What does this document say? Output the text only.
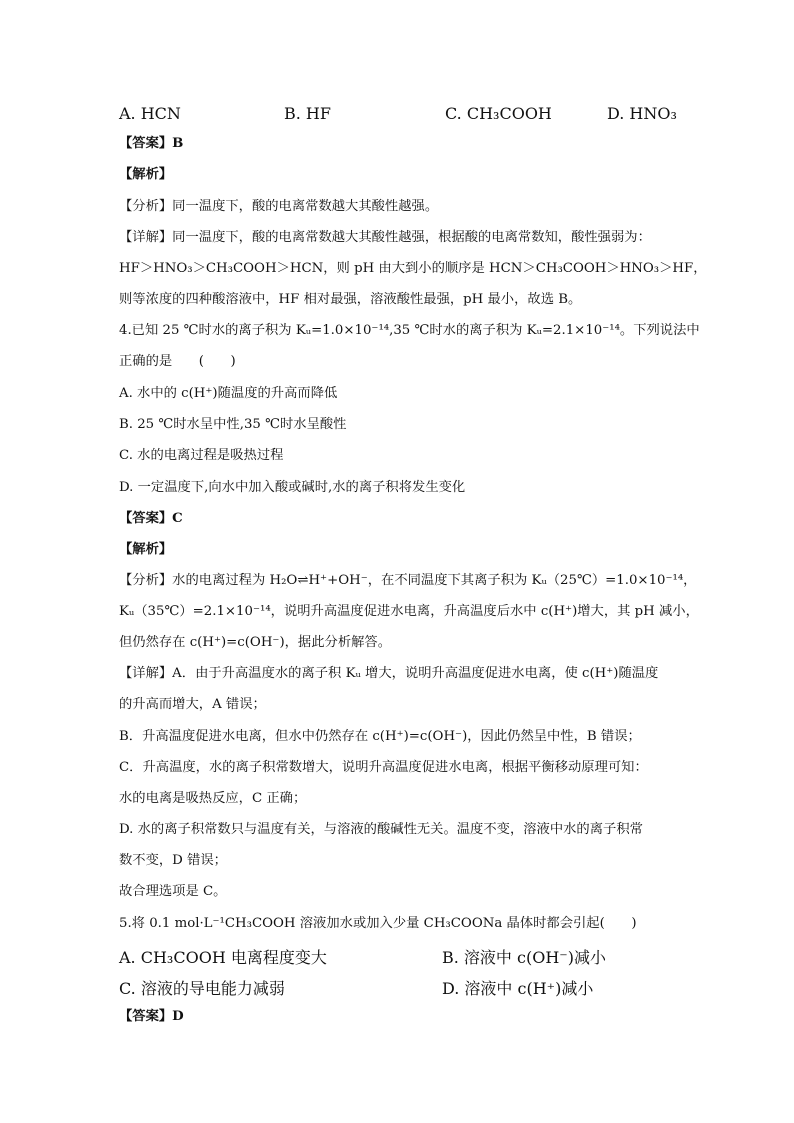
A. HCN	B. HF	C. CH₃COOH	D. HNO₃
【答案】B
【解析】
【分析】同一温度下，酸的电离常数越大其酸性越强。
【详解】同一温度下，酸的电离常数越大其酸性越强，根据酸的电离常数知，酸性强弱为：
HF＞HNO₃＞CH₃COOH＞HCN，则 pH 由大到小的顺序是 HCN＞CH₃COOH＞HNO₃＞HF，
则等浓度的四种酸溶液中，HF 相对最强，溶液酸性最强，pH 最小，故选 B。
4.已知 25 ℃时水的离子积为 Kᵤ=1.0×10⁻¹⁴,35 ℃时水的离子积为 Kᵤ=2.1×10⁻¹⁴。下列说法中
正确的是　　(　　)
A. 水中的 c(H⁺)随温度的升高而降低
B. 25 ℃时水呈中性,35 ℃时水呈酸性
C. 水的电离过程是吸热过程
D. 一定温度下,向水中加入酸或碱时,水的离子积将发生变化
【答案】C
【解析】
【分析】水的电离过程为 H₂O⇌H⁺+OH⁻，在不同温度下其离子积为 Kᵤ（25℃）=1.0×10⁻¹⁴，
Kᵤ（35℃）=2.1×10⁻¹⁴，说明升高温度促进水电离，升高温度后水中 c(H⁺)增大，其 pH 减小，
但仍然存在 c(H⁺)=c(OH⁻)，据此分析解答。
【详解】A．由于升高温度水的离子积 Kᵤ 增大，说明升高温度促进水电离，使 c(H⁺)随温度
的升高而增大，A 错误；
B．升高温度促进水电离，但水中仍然存在 c(H⁺)=c(OH⁻)，因此仍然呈中性，B 错误；
C．升高温度，水的离子积常数增大，说明升高温度促进水电离，根据平衡移动原理可知：
水的电离是吸热反应，C 正确；
D. 水的离子积常数只与温度有关，与溶液的酸碱性无关。温度不变，溶液中水的离子积常
数不变，D 错误；
故合理选项是 C。
5.将 0.1 mol·L⁻¹CH₃COOH 溶液加水或加入少量 CH₃COONa 晶体时都会引起(　　)
A. CH₃COOH 电离程度变大	B. 溶液中 c(OH⁻)减小
C. 溶液的导电能力减弱	D. 溶液中 c(H⁺)减小
【答案】D
